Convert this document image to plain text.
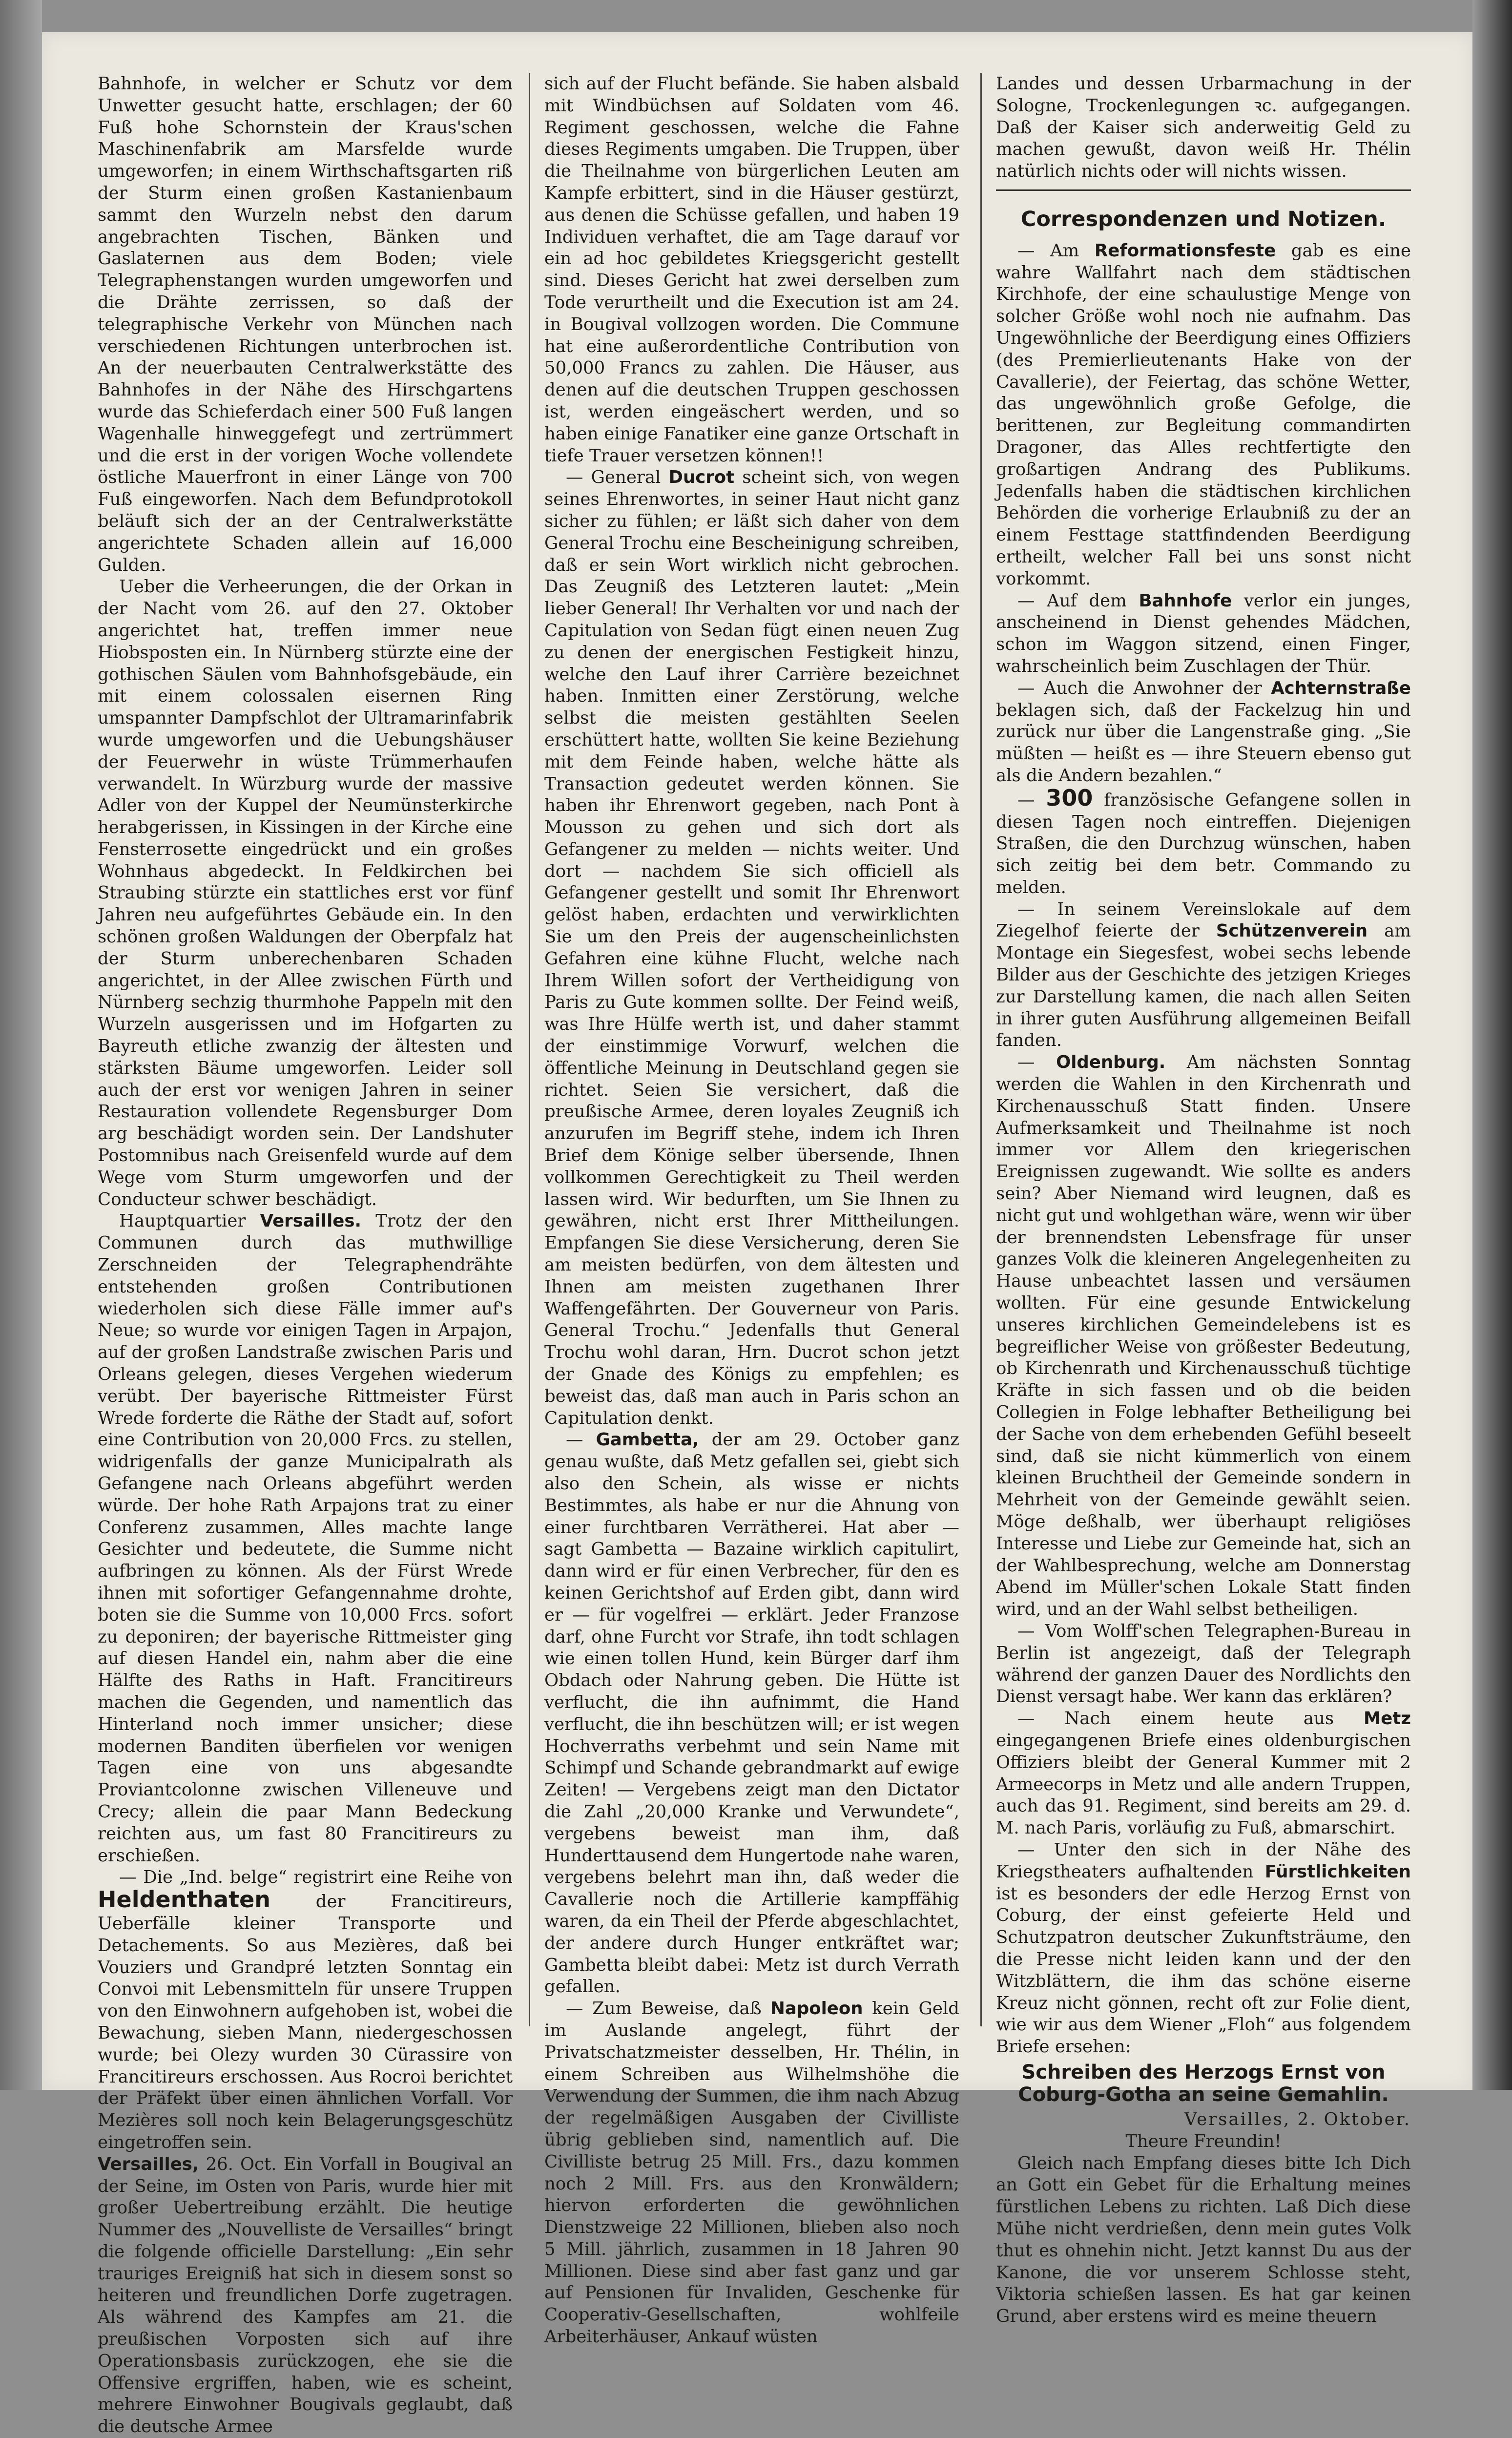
Bahnhofe, in welcher er Schutz vor dem Unwetter gesucht hatte, erschlagen; der 60 Fuß hohe Schornstein der Kraus'schen Maschinenfabrik am Marsfelde wurde umgeworfen; in einem Wirthschaftsgarten riß der Sturm einen großen Kastanienbaum sammt den Wurzeln nebst den darum angebrachten Tischen, Bänken und Gaslaternen aus dem Boden; viele Telegraphenstangen wurden umgeworfen und die Drähte zerrissen, so daß der telegraphische Verkehr von München nach verschiedenen Richtungen unterbrochen ist. An der neuerbauten Centralwerkstätte des Bahnhofes in der Nähe des Hirschgartens wurde das Schieferdach einer 500 Fuß langen Wagenhalle hinweggefegt und zertrümmert und die erst in der vorigen Woche vollendete östliche Mauerfront in einer Länge von 700 Fuß eingeworfen. Nach dem Befundprotokoll beläuft sich der an der Centralwerkstätte angerichtete Schaden allein auf 16,000 Gulden.

Ueber die Verheerungen, die der Orkan in der Nacht vom 26. auf den 27. Oktober angerichtet hat, treffen immer neue Hiobsposten ein. In Nürnberg stürzte eine der gothischen Säulen vom Bahnhofsgebäude, ein mit einem colossalen eisernen Ring umspannter Dampfschlot der Ultramarinfabrik wurde umgeworfen und die Uebungshäuser der Feuerwehr in wüste Trümmerhaufen verwandelt. In Würzburg wurde der massive Adler von der Kuppel der Neumünsterkirche herabgerissen, in Kissingen in der Kirche eine Fensterrosette eingedrückt und ein großes Wohnhaus abgedeckt. In Feldkirchen bei Straubing stürzte ein stattliches erst vor fünf Jahren neu aufgeführtes Gebäude ein. In den schönen großen Waldungen der Oberpfalz hat der Sturm unberechenbaren Schaden angerichtet, in der Allee zwischen Fürth und Nürnberg sechzig thurmhohe Pappeln mit den Wurzeln ausgerissen und im Hofgarten zu Bayreuth etliche zwanzig der ältesten und stärksten Bäume umgeworfen. Leider soll auch der erst vor wenigen Jahren in seiner Restauration vollendete Regensburger Dom arg beschädigt worden sein. Der Landshuter Postomnibus nach Greisenfeld wurde auf dem Wege vom Sturm umgeworfen und der Conducteur schwer beschädigt.

Hauptquartier Versailles. Trotz der den Communen durch das muthwillige Zerschneiden der Telegraphendrähte entstehenden großen Contributionen wiederholen sich diese Fälle immer auf's Neue; so wurde vor einigen Tagen in Arpajon, auf der großen Landstraße zwischen Paris und Orleans gelegen, dieses Vergehen wiederum verübt. Der bayerische Rittmeister Fürst Wrede forderte die Räthe der Stadt auf, sofort eine Contribution von 20,000 Frcs. zu stellen, widrigenfalls der ganze Municipalrath als Gefangene nach Orleans abgeführt werden würde. Der hohe Rath Arpajons trat zu einer Conferenz zusammen, Alles machte lange Gesichter und bedeutete, die Summe nicht aufbringen zu können. Als der Fürst Wrede ihnen mit sofortiger Gefangennahme drohte, boten sie die Summe von 10,000 Frcs. sofort zu deponiren; der bayerische Rittmeister ging auf diesen Handel ein, nahm aber die eine Hälfte des Raths in Haft. Francitireurs machen die Gegenden, und namentlich das Hinterland noch immer unsicher; diese modernen Banditen überfielen vor wenigen Tagen eine von uns abgesandte Proviantcolonne zwischen Villeneuve und Crecy; allein die paar Mann Bedeckung reichten aus, um fast 80 Francitireurs zu erschießen.

— Die „Ind. belge“ registrirt eine Reihe von Heldenthaten	der Francitireurs, Ueberfälle kleiner Transporte und Detachements. So aus Mezières, daß bei Vouziers und Grandpré letzten Sonntag ein Convoi mit Lebensmitteln für unsere Truppen von den Einwohnern aufgehoben ist, wobei die Bewachung, sieben Mann, niedergeschossen wurde; bei Olezy wurden 30 Cürassire von Francitireurs erschossen. Aus Rocroi berichtet der Präfekt über einen ähnlichen Vorfall. Vor Mezières soll noch kein Belagerungsgeschütz eingetroffen sein.

Versailles, 26. Oct. Ein Vorfall in Bougival an der Seine, im Osten von Paris, wurde hier mit großer Uebertreibung erzählt. Die heutige Nummer des „Nouvelliste de Versailles“ bringt die folgende officielle Darstellung: „Ein sehr trauriges Ereigniß hat sich in diesem sonst so heiteren und freundlichen Dorfe zugetragen. Als während des Kampfes am 21. die preußischen Vorposten sich auf ihre Operationsbasis zurückzogen, ehe sie die Offensive ergriffen, haben, wie es scheint, mehrere Einwohner Bougivals geglaubt, daß die deutsche Armee

sich auf der Flucht befände. Sie haben alsbald mit Windbüchsen auf Soldaten vom 46. Regiment geschossen, welche die Fahne dieses Regiments umgaben. Die Truppen, über die Theilnahme von bürgerlichen Leuten am Kampfe erbittert, sind in die Häuser gestürzt, aus denen die Schüsse gefallen, und haben 19 Individuen verhaftet, die am Tage darauf vor ein ad hoc gebildetes Kriegsgericht gestellt sind. Dieses Gericht hat zwei derselben zum Tode verurtheilt und die Execution ist am 24. in Bougival vollzogen worden. Die Commune hat eine außerordentliche Contribution von 50,000 Francs zu zahlen. Die Häuser, aus denen auf die deutschen Truppen geschossen ist, werden eingeäschert werden, und so haben einige Fanatiker eine ganze Ortschaft in tiefe Trauer versetzen können!!

— General Ducrot scheint sich, von wegen seines Ehrenwortes, in seiner Haut nicht ganz sicher zu fühlen; er läßt sich daher von dem General Trochu eine Bescheinigung schreiben, daß er sein Wort wirklich nicht gebrochen. Das Zeugniß des Letzteren lautet: „Mein lieber General! Ihr Verhalten vor und nach der Capitulation von Sedan fügt einen neuen Zug zu denen der energischen Festigkeit hinzu, welche den Lauf ihrer Carrière bezeichnet haben. Inmitten einer Zerstörung, welche selbst die meisten gestählten Seelen erschüttert hatte, wollten Sie keine Beziehung mit dem Feinde haben, welche hätte als Transaction gedeutet werden können. Sie haben ihr Ehrenwort gegeben, nach Pont à Mousson zu gehen und sich dort als Gefangener zu melden — nichts weiter. Und dort — nachdem Sie sich officiell als Gefangener gestellt und somit Ihr Ehrenwort gelöst haben, erdachten und verwirklichten Sie um den Preis der augenscheinlichsten Gefahren eine kühne Flucht, welche nach Ihrem Willen sofort der Vertheidigung von Paris zu Gute kommen sollte. Der Feind weiß, was Ihre Hülfe werth ist, und daher stammt der einstimmige Vorwurf, welchen die öffentliche Meinung in Deutschland gegen sie richtet. Seien Sie versichert, daß die preußische Armee, deren loyales Zeugniß ich anzurufen im Begriff stehe, indem ich Ihren Brief dem Könige selber übersende, Ihnen vollkommen Gerechtigkeit zu Theil werden lassen wird. Wir bedurften, um Sie Ihnen zu gewähren, nicht erst Ihrer Mittheilungen. Empfangen Sie diese Versicherung, deren Sie am meisten bedürfen, von dem ältesten und Ihnen am meisten zugethanen Ihrer Waffengefährten. Der Gouverneur von Paris. General Trochu.“ Jedenfalls thut General Trochu wohl daran, Hrn. Ducrot schon jetzt der Gnade des Königs zu empfehlen; es beweist das, daß man auch in Paris schon an Capitulation denkt.

— Gambetta, der am 29. October ganz genau wußte, daß Metz gefallen sei, giebt sich also den Schein, als wisse er nichts Bestimmtes, als habe er nur die Ahnung von einer furchtbaren Verrätherei. Hat aber — sagt Gambetta — Bazaine wirklich capitulirt, dann wird er für einen Verbrecher, für den es keinen Gerichtshof auf Erden gibt, dann wird er — für vogelfrei — erklärt. Jeder Franzose darf, ohne Furcht vor Strafe, ihn todt schlagen wie einen tollen Hund, kein Bürger darf ihm Obdach oder Nahrung geben. Die Hütte ist verflucht, die ihn aufnimmt, die Hand verflucht, die ihn beschützen will; er ist wegen Hochverraths verbehmt und sein Name mit Schimpf und Schande gebrandmarkt auf ewige Zeiten! — Vergebens zeigt man den Dictator die Zahl „20,000 Kranke und Verwundete“, vergebens beweist man ihm, daß Hunderttausend dem Hungertode nahe waren, vergebens belehrt man ihn, daß weder die Cavallerie noch die Artillerie kampffähig waren, da ein Theil der Pferde abgeschlachtet, der andere durch Hunger entkräftet war; Gambetta bleibt dabei: Metz ist durch Verrath gefallen.

— Zum Beweise, daß Napoleon kein Geld im Auslande angelegt, führt der Privatschatzmeister desselben, Hr. Thélin, in einem Schreiben aus Wilhelmshöhe die Verwendung der Summen, die ihm nach Abzug der regelmäßigen Ausgaben der Civilliste übrig geblieben sind, namentlich auf. Die Civilliste betrug 25 Mill. Frs., dazu kommen noch 2 Mill. Frs. aus den Kronwäldern; hiervon erforderten die gewöhnlichen Dienstzweige 22 Millionen, blieben also noch 5 Mill. jährlich, zusammen in 18 Jahren 90 Millionen. Diese sind aber fast ganz und gar auf Pensionen für Invaliden, Geschenke für Cooperativ-Gesellschaften, wohlfeile Arbeiterhäuser, Ankauf wüsten

Landes und dessen Urbarmachung in der Sologne, Trockenlegungen ꝛc. aufgegangen. Daß der Kaiser sich anderweitig Geld zu machen gewußt, davon weiß Hr. Thélin natürlich nichts oder will nichts wissen.

Correspondenzen und Notizen.

— Am Reformationsfeste gab es eine wahre Wallfahrt nach dem städtischen Kirchhofe, der eine schaulustige Menge von solcher Größe wohl noch nie aufnahm. Das Ungewöhnliche der Beerdigung eines Offiziers (des Premierlieutenants Hake von der Cavallerie), der Feiertag, das schöne Wetter, das ungewöhnlich große Gefolge, die berittenen, zur Begleitung commandirten Dragoner, das Alles rechtfertigte den großartigen Andrang des Publikums. Jedenfalls haben die städtischen kirchlichen Behörden die vorherige Erlaubniß zu der an einem Festtage stattfindenden Beerdigung ertheilt, welcher Fall bei uns sonst nicht vorkommt.

— Auf dem Bahnhofe verlor ein junges, anscheinend in Dienst gehendes Mädchen, schon im Waggon sitzend, einen Finger, wahrscheinlich beim Zuschlagen der Thür.

— Auch die Anwohner der Achternstraße beklagen sich, daß der Fackelzug hin und zurück nur über die Langenstraße ging. „Sie müßten — heißt es — ihre Steuern ebenso gut als die Andern bezahlen.“

— 300 französische Gefangene sollen in diesen Tagen noch eintreffen. Diejenigen Straßen, die den Durchzug wünschen, haben sich zeitig bei dem betr. Commando zu melden.

— In seinem Vereinslokale auf dem Ziegelhof feierte der Schützenverein am Montage ein Siegesfest, wobei sechs lebende Bilder aus der Geschichte des jetzigen Krieges zur Darstellung kamen, die nach allen Seiten in ihrer guten Ausführung allgemeinen Beifall fanden.

— Oldenburg. Am nächsten Sonntag werden die Wahlen in den Kirchenrath und Kirchenausschuß Statt finden. Unsere Aufmerksamkeit und Theilnahme ist noch immer vor Allem den kriegerischen Ereignissen zugewandt. Wie sollte es anders sein? Aber Niemand wird leugnen, daß es nicht gut und wohlgethan wäre, wenn wir über der brennendsten Lebensfrage für unser ganzes Volk die kleineren Angelegenheiten zu Hause unbeachtet lassen und versäumen wollten. Für eine gesunde Entwickelung unseres kirchlichen Gemeindelebens ist es begreiflicher Weise von größester Bedeutung, ob Kirchenrath und Kirchenausschuß tüchtige Kräfte in sich fassen und ob die beiden Collegien in Folge lebhafter Betheiligung bei der Sache von dem erhebenden Gefühl beseelt sind, daß sie nicht kümmerlich von einem kleinen Bruchtheil der Gemeinde sondern in Mehrheit von der Gemeinde gewählt seien. Möge deßhalb, wer überhaupt religiöses Interesse und Liebe zur Gemeinde hat, sich an der Wahlbesprechung, welche am Donnerstag Abend im Müller'schen Lokale Statt finden wird, und an der Wahl selbst betheiligen.

— Vom Wolff'schen Telegraphen-Bureau in Berlin ist angezeigt, daß der Telegraph während der ganzen Dauer des Nordlichts den Dienst versagt habe. Wer kann das erklären?

— Nach einem heute aus Metz eingegangenen Briefe eines oldenburgischen Offiziers bleibt der General Kummer mit 2 Armeecorps in Metz und alle andern Truppen, auch das 91. Regiment, sind bereits am 29. d. M. nach Paris, vorläufig zu Fuß, abmarschirt.

— Unter den sich in der Nähe des Kriegstheaters aufhaltenden Fürstlichkeiten ist es besonders der edle Herzog Ernst von Coburg, der einst gefeierte Held und Schutzpatron deutscher Zukunftsträume, den die Presse nicht leiden kann und der den Witzblättern, die ihm das schöne eiserne Kreuz nicht gönnen, recht oft zur Folie dient, wie wir aus dem Wiener „Floh“ aus folgendem Briefe ersehen:

Schreiben des Herzogs Ernst von Coburg-Gotha an seine Gemahlin.

Versailles, 2. Oktober.

Theure Freundin!

Gleich nach Empfang dieses bitte Ich Dich an Gott ein Gebet für die Erhaltung meines fürstlichen Lebens zu richten. Laß Dich diese Mühe nicht verdrießen, denn mein gutes Volk thut es ohnehin nicht. Jetzt kannst Du aus der Kanone, die vor unserem Schlosse steht, Viktoria schießen lassen. Es hat gar keinen Grund, aber erstens wird es meine theuern
